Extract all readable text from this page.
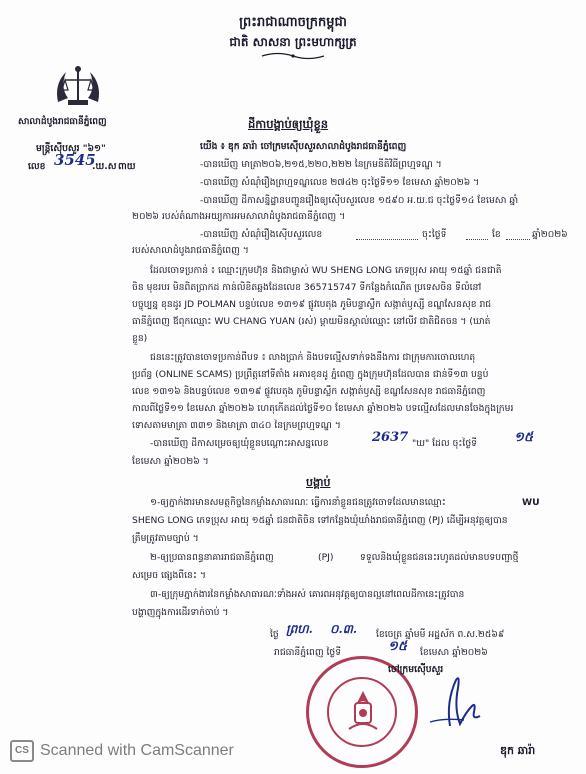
ព្រះរាជាណាចក្រកម្ពុជា
ជាតិ សាសនា ព្រះមហាក្សត្រ
សាលាដំបូងរាជធានីភ្នំពេញ
មន្ត្រីស៊ើបសួរ "៦១"
លេខ 3545
.ឃ.ស ពាយ
ដីកាបង្គាប់ឲ្យឃុំខ្លួន
យើង ៖ ឌុក ឆារ៉ា ចៅក្រមស៊ើបសួរសាលាដំបូងរាជធានីភ្នំពេញ
-បានឃើញ មាត្រា២០៦,២១៥,២២០,២២២ នៃក្រមនីតិវិធីព្រហ្មទណ្ឌ ។
-បានឃើញ សំណុំរឿងព្រហ្មទណ្ឌលេខ ២៧៤២ ចុះថ្ងៃទី១១ ខែមេសា ឆ្នាំ២០២៦ ។
-បានឃើញ ដីកាសន្និដ្ឋានបញ្ជូនរឿងឲ្យស៊ើបសួរលេខ ១៥៩០ អ.យ.ជ ចុះថ្ងៃទី១៤ ខែមេសា ឆ្នាំ
២០២៦ របស់តំណាងអយ្យការអមសាលាដំបូងរាជធានីភ្នំពេញ ។
-បានឃើញ សំណុំរឿងស៊ើបសួរលេខ	ចុះថ្ងៃទី	ខែ	ឆ្នាំ២០២៦
របស់សាលាដំបូងរាជធានីភ្នំពេញ ។
ដែលចោទប្រកាន់ ៖ ឈ្មោះក្រុមហ៊ុន និងជាម្ចាស់ WU SHENG LONG ភេទប្រុស អាយុ ១៥ឆ្នាំ ជនជាតិ
ចិន មុខរបរ មិនពិតប្រាកដ កាន់លិខិតឆ្លងដែនលេខ 365715747 ទីកន្លែងកំណើត ប្រទេសចិន ទីលំនៅ
បច្ចុប្បន្ន ខុនដូរ JD POLMAN បន្ទប់លេខ ១៣១៩ ផ្លូវបេតុង ភូមិបន្ទាស្លឹក សង្កាត់ឫស្សី ខណ្ឌសែនសុខ រាជ
ធានីភ្នំពេញ ឪពុកឈ្មោះ WU CHANG YUAN (រស់) ម្ដាយមិនស្គាល់ឈ្មោះ នៅលីវ ជាតិជិតចន ។ (ឃាត់
ខ្លួន)
ជននេះត្រូវបានចោទប្រកាន់ពីបទ ៖ លាងប្រាក់ និងបទល្មើសទាក់ទងនឹងការ ជាក្រុមការចោលហេតុ
ប្រព័ន្ធ (ONLINE SCAMS) ប្រព្រឹត្តនៅទីតាំង អគារខុនដូ ភ្នំពេញ ក្នុងក្រុមហ៊ុនដែលបាន ជាន់ទី១៣ បន្ទប់
លេខ ១៣១៦ និងបន្ទប់លេខ ១៣១៩ ផ្លូវបេតុង ភូមិបន្ទាស្លឹក សង្កាត់ឫស្សី ខណ្ឌសែនសុខ រាជធានីភ្នំពេញ
កាលពីថ្ងៃទី១១ ខែមេសា ឆ្នាំ២០២៦ ហេតុកើតដល់ថ្ងៃទី១០ ខែមេសា ឆ្នាំ២០២៦ បទល្មើសដែលមានចែងក្នុងក្រមរ
ទោសតាមមាត្រា ៣៣១ និងមាត្រា ៣៤០ នៃក្រមព្រហ្មទណ្ឌ ។
-បានឃើញ ដីកាសម្រេចឲ្យឃុំខ្លួនបណ្ដោះអាសន្នលេខ	2637 "ឃ" ដែល ចុះថ្ងៃទី	១៥
ខែមេសា ឆ្នាំ២០២៦ ។
បង្គាប់
១-ឲ្យភ្នាក់ងារមានសមត្ថកិច្ចនៃកម្លាំងសាធារណៈ ធ្វើការនាំខ្លួនជនត្រូវចោទដែលមានឈ្មោះ	WU
SHENG LONG ភេទប្រុស អាយុ ១៥ឆ្នាំ ជនជាតិចិន ទៅកន្លែងឃុំឃាំងរាជធានីភ្នំពេញ (PJ) ដើម្បីអនុវត្តឲ្យបាន
ត្រឹមត្រូវតាមច្បាប់ ។
២-ឲ្យប្រធានពន្ធនាគាររាជធានីភ្នំពេញ	(PJ)	ទទួលនិងឃុំខ្លួនជននេះរហូតដល់មានបទបញ្ជាថ្មី
សម្រេច ផ្សេងពីនេះ ។
៣-ឲ្យក្រុមភ្នាក់ងារនៃកម្លាំងសាធារណៈទាំងអស់ គោរពអនុវត្តឲ្យបានល្អនៅពេលដីកានេះត្រូវបាន
បង្ហាញក្នុងការដើរទាក់ចាប់ ។
ថ្ងៃ ព្រហ. ០.៣. ខែចេត្រ ឆ្នាំមមី អដ្ឋស័ក ព.ស.២៥៦៩
រាជធានីភ្នំពេញ ថ្ងៃទី	១៥ ខែមេសា ឆ្នាំ២០២៦
ចៅក្រមស៊ើបសួរ
ឌុក ឆារ៉ា
CS Scanned with CamScanner
